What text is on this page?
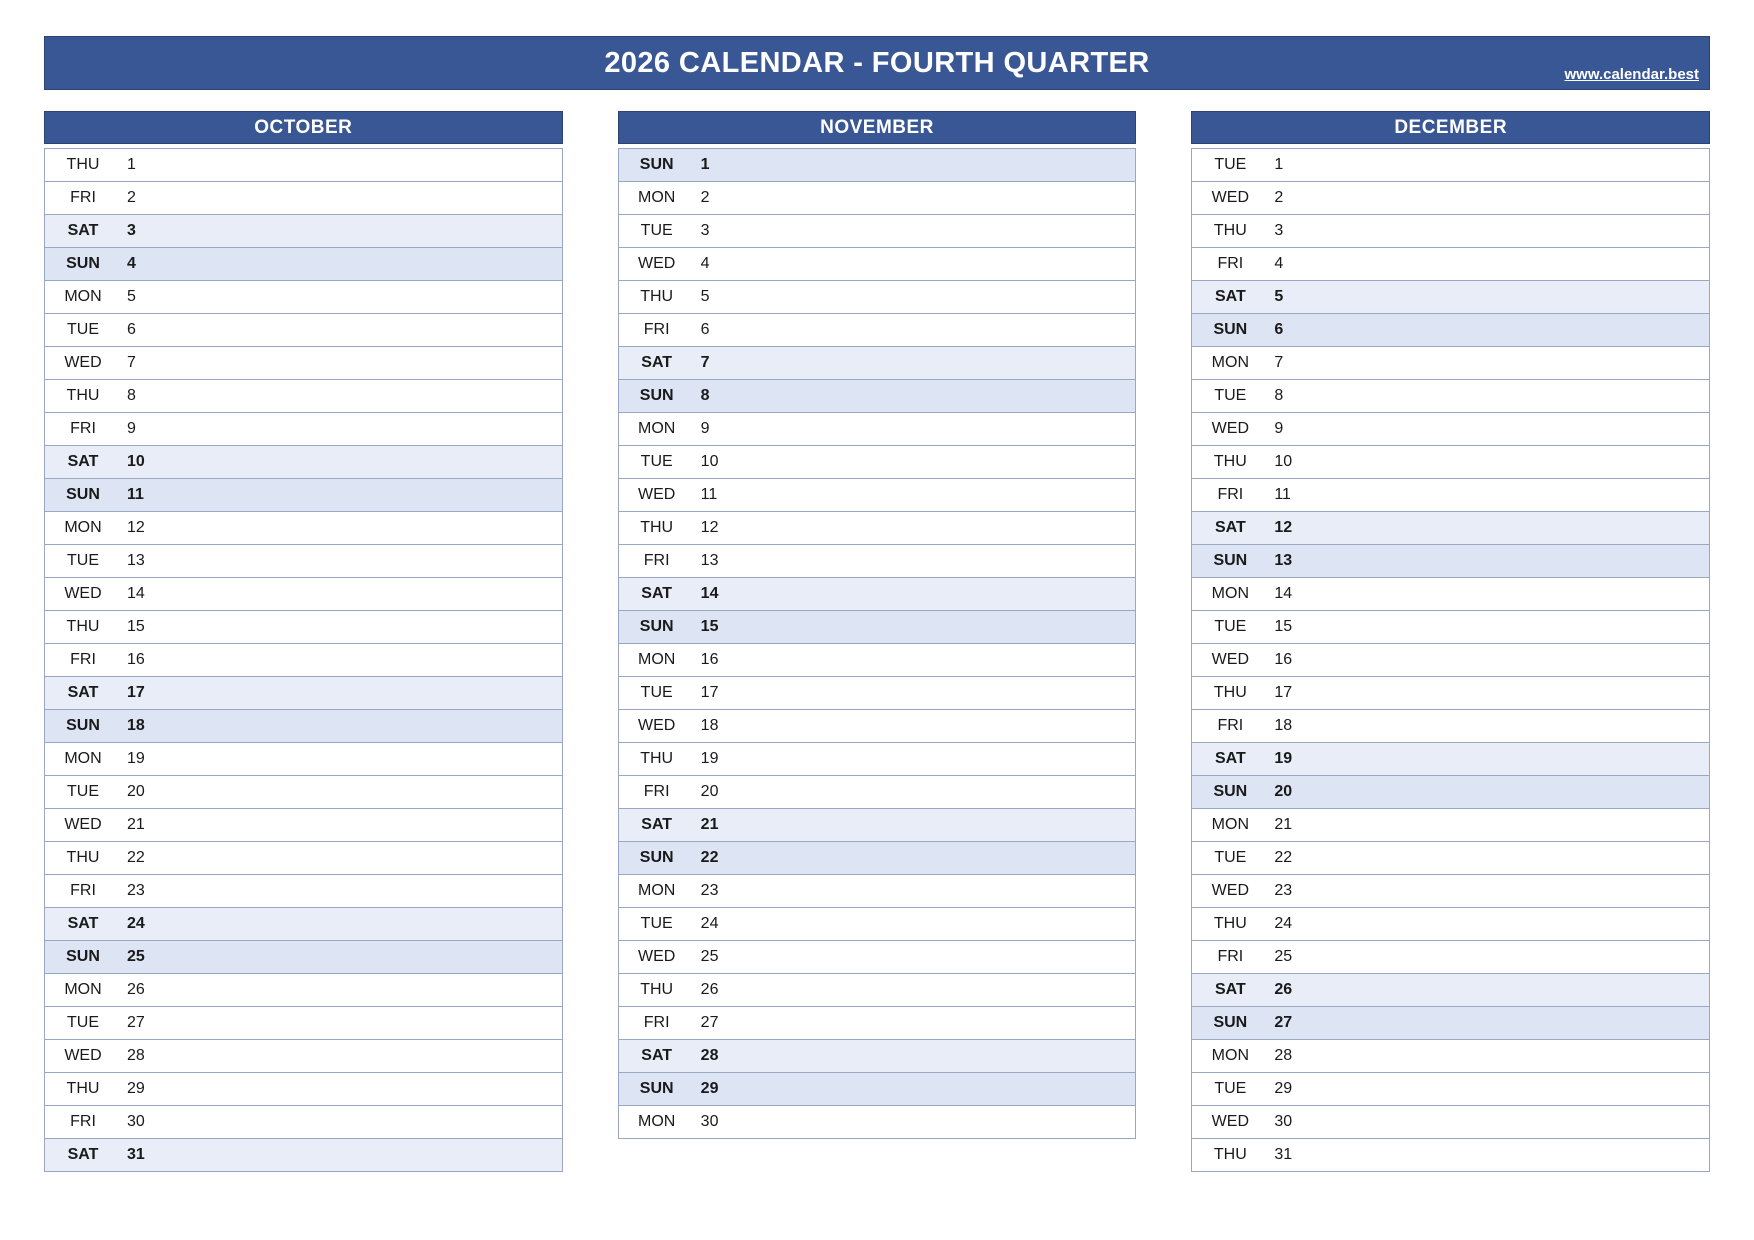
2026 CALENDAR - FOURTH QUARTER	www.calendar.best
OCTOBER
THU	1
FRI	2
SAT	3
SUN	4
MON	5
TUE	6
WED	7
THU	8
FRI	9
SAT	10
SUN	11
MON	12
TUE	13
WED	14
THU	15
FRI	16
SAT	17
SUN	18
MON	19
TUE	20
WED	21
THU	22
FRI	23
SAT	24
SUN	25
MON	26
TUE	27
WED	28
THU	29
FRI	30
SAT	31
NOVEMBER
SUN	1
MON	2
TUE	3
WED	4
THU	5
FRI	6
SAT	7
SUN	8
MON	9
TUE	10
WED	11
THU	12
FRI	13
SAT	14
SUN	15
MON	16
TUE	17
WED	18
THU	19
FRI	20
SAT	21
SUN	22
MON	23
TUE	24
WED	25
THU	26
FRI	27
SAT	28
SUN	29
MON	30
DECEMBER
TUE	1
WED	2
THU	3
FRI	4
SAT	5
SUN	6
MON	7
TUE	8
WED	9
THU	10
FRI	11
SAT	12
SUN	13
MON	14
TUE	15
WED	16
THU	17
FRI	18
SAT	19
SUN	20
MON	21
TUE	22
WED	23
THU	24
FRI	25
SAT	26
SUN	27
MON	28
TUE	29
WED	30
THU	31
